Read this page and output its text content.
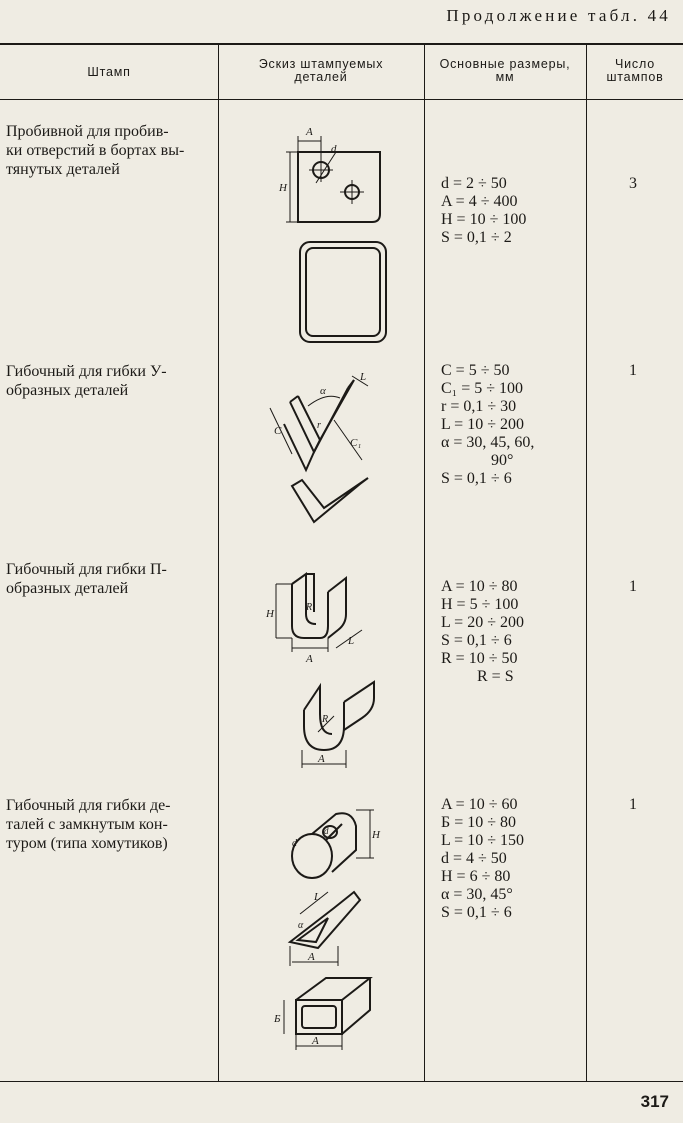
Продолжение табл. 44
Штамп
Эскиз штампуемых деталей
Основные размеры, мм
Число штампов
Пробивной для пробив-
ки отверстий в бортах вы-
тянутых деталей
d = 2 ÷ 50
A = 4 ÷ 400
H = 10 ÷ 100
S = 0,1 ÷ 2
3
A
d
H
Гибочный для гибки У-
образных деталей
C = 5 ÷ 50
C₁ = 5 ÷ 100
r = 0,1 ÷ 30
L = 10 ÷ 200
α = 30, 45, 60,
90°
S = 0,1 ÷ 6
1
α
L
C	r
C₁
Гибочный для гибки П-
образных деталей	A = 10 ÷ 80
H = 5 ÷ 100
L = 20 ÷ 200
S = 0,1 ÷ 6
R = 10 ÷ 50
R = S
1
H
R
A
L
R
A
Гибочный для гибки де-
талей с замкнутым кон-
туром (типа хомутиков)
A = 10 ÷ 60
Б = 10 ÷ 80
L = 10 ÷ 150
d = 4 ÷ 50
H = 6 ÷ 80
α = 30, 45°
S = 0,1 ÷ 6
1
H
d
d
L
α
A
Б
A
317
